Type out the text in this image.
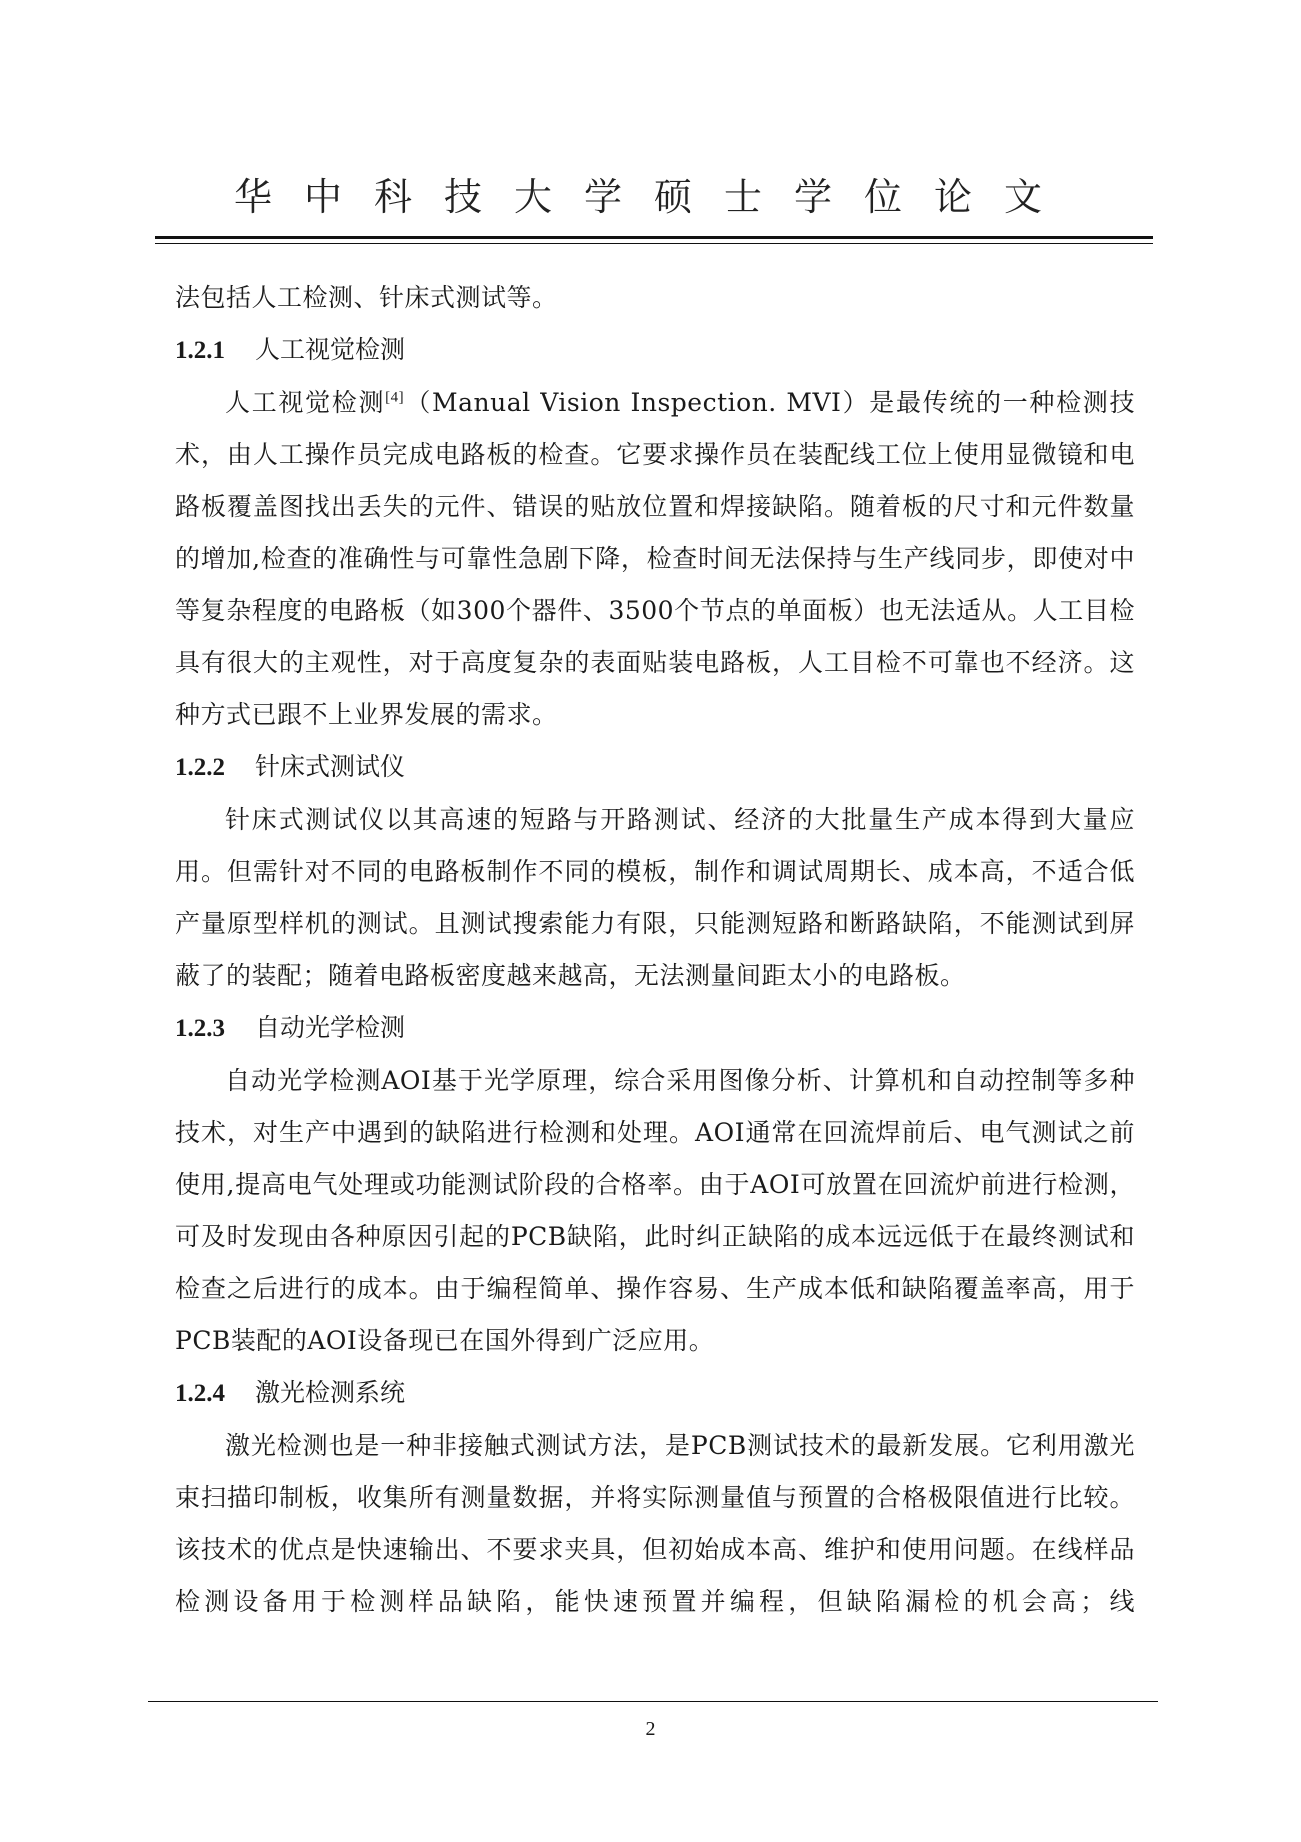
华中科技大学硕士学位论文

法包括人工检测、针床式测试等。

1.2.1 人工视觉检测

人工视觉检测[4]（Manual Vision Inspection. MVI）是最传统的一种检测技术，由人工操作员完成电路板的检查。它要求操作员在装配线工位上使用显微镜和电路板覆盖图找出丢失的元件、错误的贴放位置和焊接缺陷。随着板的尺寸和元件数量的增加,检查的准确性与可靠性急剧下降，检查时间无法保持与生产线同步，即使对中等复杂程度的电路板（如300个器件、3500个节点的单面板）也无法适从。人工目检具有很大的主观性，对于高度复杂的表面贴装电路板，人工目检不可靠也不经济。这种方式已跟不上业界发展的需求。

1.2.2 针床式测试仪

针床式测试仪以其高速的短路与开路测试、经济的大批量生产成本得到大量应用。但需针对不同的电路板制作不同的模板，制作和调试周期长、成本高，不适合低产量原型样机的测试。且测试搜索能力有限，只能测短路和断路缺陷，不能测试到屏蔽了的装配；随着电路板密度越来越高，无法测量间距太小的电路板。

1.2.3 自动光学检测

自动光学检测AOI基于光学原理，综合采用图像分析、计算机和自动控制等多种技术，对生产中遇到的缺陷进行检测和处理。AOI通常在回流焊前后、电气测试之前使用,提高电气处理或功能测试阶段的合格率。由于AOI可放置在回流炉前进行检测，可及时发现由各种原因引起的PCB缺陷，此时纠正缺陷的成本远远低于在最终测试和检查之后进行的成本。由于编程简单、操作容易、生产成本低和缺陷覆盖率高，用于PCB装配的AOI设备现已在国外得到广泛应用。

1.2.4 激光检测系统

激光检测也是一种非接触式测试方法，是PCB测试技术的最新发展。它利用激光束扫描印制板，收集所有测量数据，并将实际测量值与预置的合格极限值进行比较。该技术的优点是快速输出、不要求夹具，但初始成本高、维护和使用问题。在线样品检测设备用于检测样品缺陷，能快速预置并编程，但缺陷漏检的机会高；线

2
